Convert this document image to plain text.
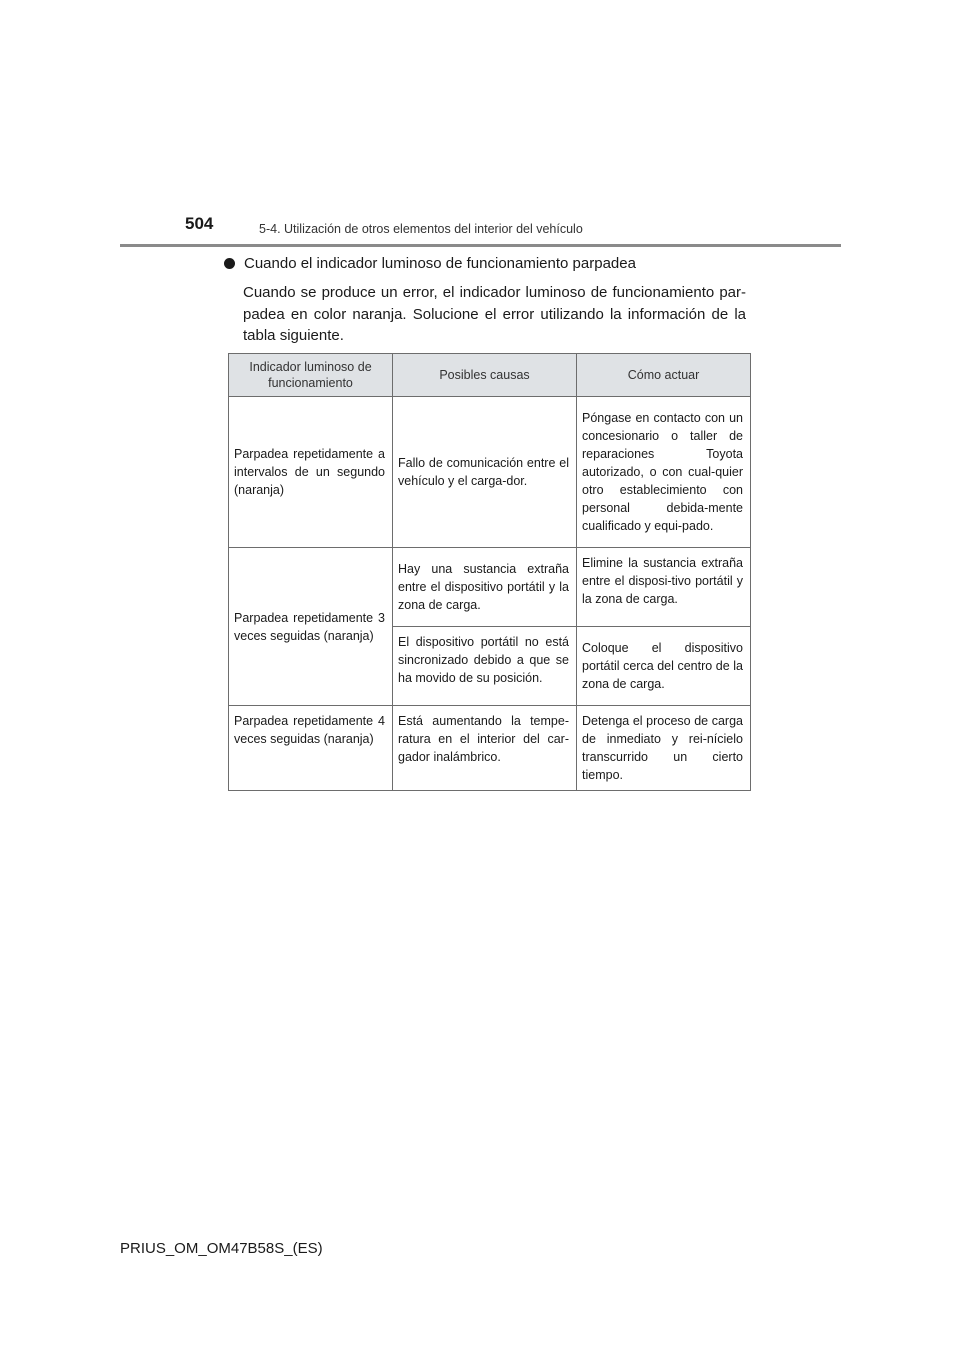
504	5-4. Utilización de otros elementos del interior del vehículo
Cuando el indicador luminoso de funcionamiento parpadea
Cuando se produce un error, el indicador luminoso de funcionamiento par-padea en color naranja. Solucione el error utilizando la información de la tabla siguiente.
Indicador luminoso de funcionamiento	Posibles causas	Cómo actuar
Parpadea repetidamente a intervalos de un segundo (naranja)	Fallo de comunicación entre el vehículo y el carga-dor.	Póngase en contacto con un concesionario o taller de reparaciones Toyota autorizado, o con cual-quier otro establecimiento con personal debida-mente cualificado y equi-pado.
Parpadea repetidamente 3 veces seguidas (naranja)	Hay una sustancia extraña entre el dispositivo portátil y la zona de carga.	Elimine la sustancia extraña entre el disposi-tivo portátil y la zona de carga.
	El dispositivo portátil no está sincronizado debido a que se ha movido de su posición.	Coloque el dispositivo portátil cerca del centro de la zona de carga.
Parpadea repetidamente 4 veces seguidas (naranja)	Está aumentando la tempe-ratura en el interior del car-gador inalámbrico.	Detenga el proceso de carga de inmediato y rei-nícielo transcurrido un cierto tiempo.
PRIUS_OM_OM47B58S_(ES)
